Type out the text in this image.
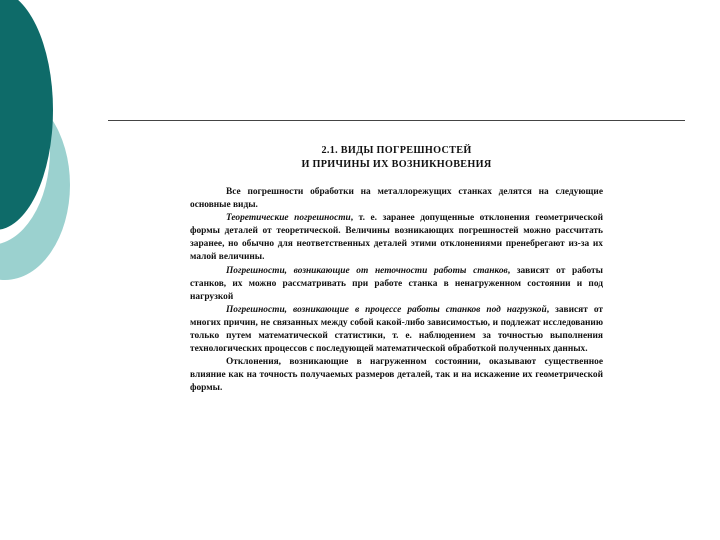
2.1. ВИДЫ ПОГРЕШНОСТЕЙ
И ПРИЧИНЫ ИХ ВОЗНИКНОВЕНИЯ

Все погрешности обработки на металлорежущих станках делятся на следующие основные виды.

Теоретические погрешности, т. е. заранее допущенные отклонения геометрической формы деталей от теоретической. Величины возникающих погрешностей можно рассчитать заранее, но обычно для неответственных деталей этими отклонениями пренебрегают из-за их малой величины.

Погрешности, возникающие от неточности работы станков, зависят от работы станков, их можно рассматривать при работе станка в ненагруженном состоянии и под нагрузкой

Погрешности, возникающие в процессе работы станков под нагрузкой, зависят от многих причин, не связанных между собой какой-либо зависимостью, и подлежат исследованию только путем математической статистики, т. е. наблюдением за точностью выполнения технологических процессов с последующей математической обработкой полученных данных.

Отклонения, возникающие в нагруженном состоянии, оказывают существенное влияние как на точность получаемых размеров деталей, так и на искажение их геометрической формы.
